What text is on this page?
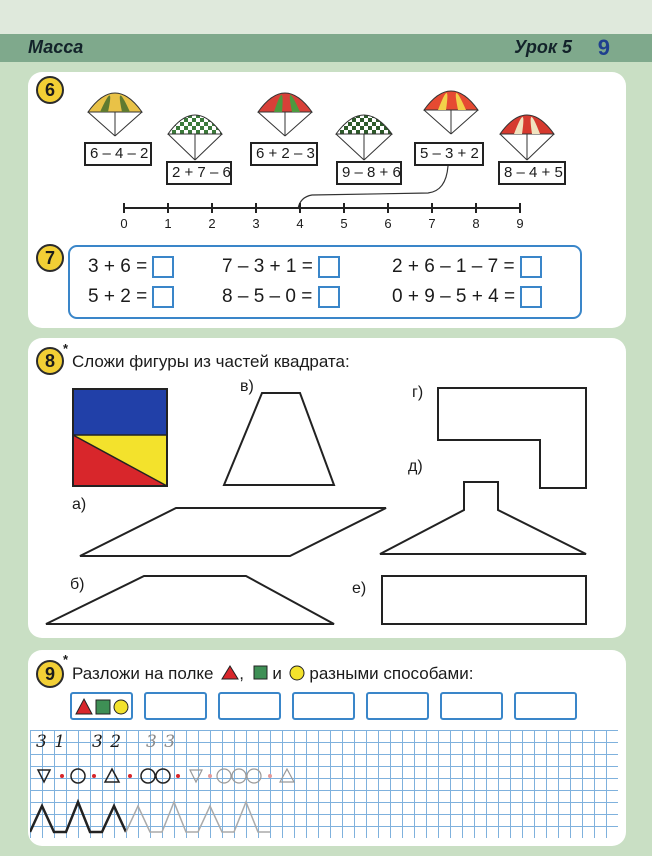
Масса	Урок 5 9
6
6 – 4 – 2
2 + 7 – 6
6 + 2 – 3
9 – 8 + 6
5 – 3 + 2
8 – 4 + 5
0	1	2	3	4	5	6	7	8	9
7	3 + 6 =	7 – 3 + 1 =	2 + 6 – 1 – 7 =
5 + 2 =	8 – 5 – 0 =	0 + 9 – 5 + 4 =
8
*
Сложи фигуры из частей квадрата:
а)
б)
в)	г)
д)
е)
9
*
Разложи на полке , и разными способами:
3 1 3 2 3 3
